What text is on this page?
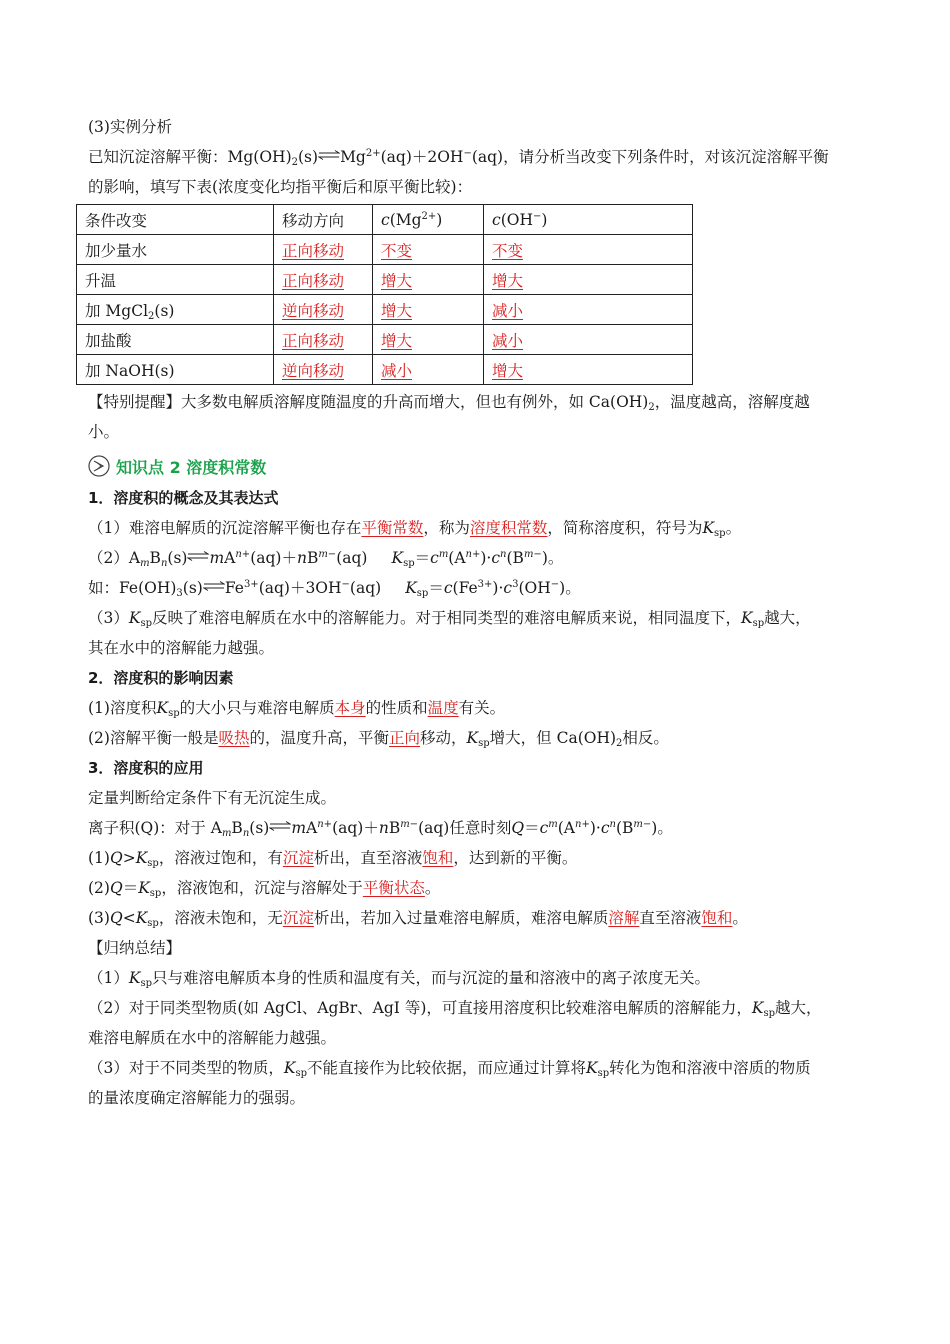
(3)实例分析
已知沉淀溶解平衡：$Mg(OH)_2(s)\rightleftharpoons Mg^{2+}(aq)+2OH^-(aq)$，请分析当改变下列条件时，对该沉淀溶解平衡
的影响，填写下表(浓度变化均指平衡后和原平衡比较)：
条件改变	移动方向	$c(Mg^{2+})$	c(OH−)
加少量水	正向移动	不变	不变
升温	正向移动	增大	增大
加 MgCl$_2$(s)	逆向移动	增大	减小
加盐酸	正向移动	增大	减小
加 NaOH(s)	逆向移动	减小	增大
【特别提醒】大多数电解质溶解度随温度的升高而增大，但也有例外，如 $Ca(OH)_2$，温度越高，溶解度越
小。
知识点 2 溶度积常数
1．溶度积的概念及其表达式
（1）难溶电解质的沉淀溶解平衡也存在平衡常数，称为溶度积常数，简称溶度积，符号为$K_{sp}$。
$(2)A_mB_n(s)\rightleftharpoons mA^{n+}(aq)+nB^{m-}(aq)$ $K_{sp}=c^m(A^{n+})\cdot c^n(B^{m-})$。
如：$Fe(OH)_3(s)\rightleftharpoons Fe^{3+}(aq)+3OH^-(aq)$ $K_{sp}=c(Fe^{3+})\cdot c^3(OH^-)$。
$(3)K_{sp}$反映了难溶电解质在水中的溶解能力。对于相同类型的难溶电解质来说，相同温度下，$K_{sp}$越大，
其在水中的溶解能力越强。
2．溶度积的影响因素
(1)溶度积$K_{sp}$的大小只与难溶电解质本身的性质和温度有关。
(2)溶解平衡一般是吸热的，温度升高，平衡正向移动，$K_{sp}$增大，但 $Ca(OH)_2$相反。
3．溶度积的应用
定量判断给定条件下有无沉淀生成。
离子积(Q)：对于 $A_mB_n(s)\rightleftharpoons mA^{n+}(aq)+nB^{m-}(aq)$任意时刻$Q=c^m(A^{n+})\cdot c^n(B^{m-})$。
$(1)Q>K_{sp}$，溶液过饱和，有沉淀析出，直至溶液饱和，达到新的平衡。
$(2)Q=K_{sp}$，溶液饱和，沉淀与溶解处于平衡状态。
$(3)Q<K_{sp}$，溶液未饱和，无沉淀析出，若加入过量难溶电解质，难溶电解质溶解直至溶液饱和。
【归纳总结】
$(1)K_{sp}$只与难溶电解质本身的性质和温度有关，而与沉淀的量和溶液中的离子浓度无关。
（2）对于同类型物质(如 AgCl、AgBr、AgI 等)，可直接用溶度积比较难溶电解质的溶解能力，$K_{sp}$越大，
难溶电解质在水中的溶解能力越强。
（3）对于不同类型的物质，$K_{sp}$不能直接作为比较依据，而应通过计算将$K_{sp}$转化为饱和溶液中溶质的物质
的量浓度确定溶解能力的强弱。
